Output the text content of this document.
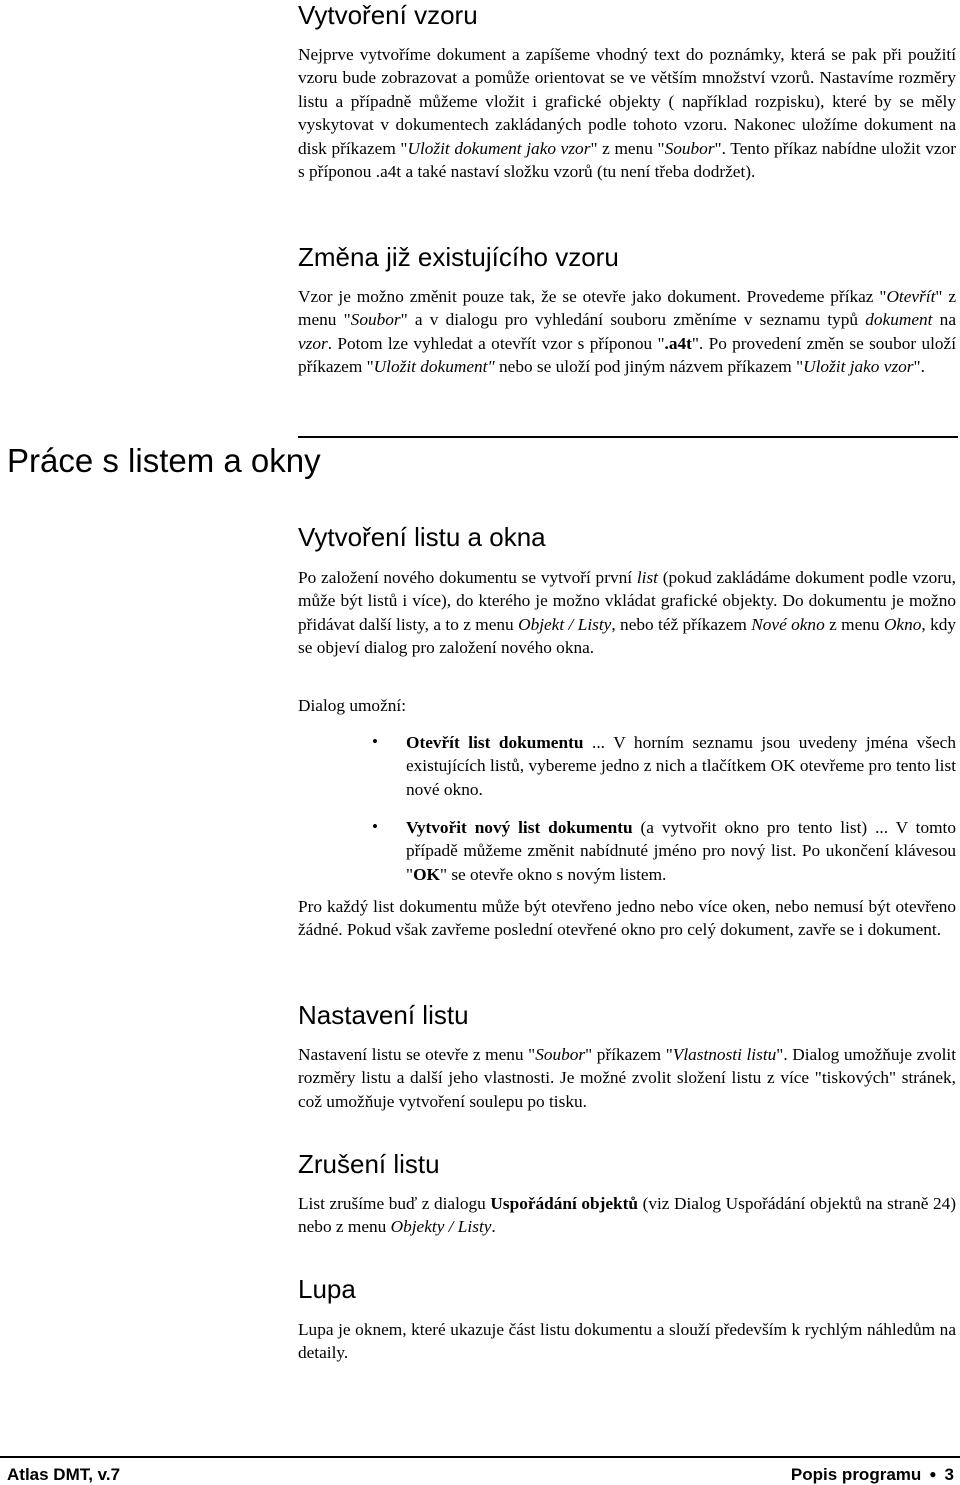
Vytvoření vzoru

Nejprve vytvoříme dokument a zapíšeme vhodný text do poznámky, která se pak při použití vzoru bude zobrazovat a pomůže orientovat se ve větším množství vzorů. Nastavíme rozměry listu a případně můžeme vložit i grafické objekty ( například rozpisku), které by se měly vyskytovat v dokumentech zakládaných podle tohoto vzoru. Nakonec uložíme dokument na disk příkazem "Uložit dokument jako vzor" z menu "Soubor". Tento příkaz nabídne uložit vzor s příponou .a4t a také nastaví složku vzorů (tu není třeba dodržet).

Změna již existujícího vzoru

Vzor je možno změnit pouze tak, že se otevře jako dokument. Provedeme příkaz "Otevřít" z menu "Soubor" a v dialogu pro vyhledání souboru změníme v seznamu typů dokument na vzor. Potom lze vyhledat a otevřít vzor s příponou ".a4t". Po provedení změn se soubor uloží příkazem "Uložit dokument" nebo se uloží pod jiným názvem příkazem "Uložit jako vzor".

Práce s listem a okny
Vytvoření listu a okna

Po založení nového dokumentu se vytvoří první list (pokud zakládáme dokument podle vzoru, může být listů i více), do kterého je možno vkládat grafické objekty. Do dokumentu je možno přidávat další listy, a to z menu Objekt / Listy, nebo též příkazem Nové okno z menu Okno, kdy se objeví dialog pro založení nového okna.

Dialog umožní:

• Otevřít list dokumentu ... V horním seznamu jsou uvedeny jména všech existujících listů, vybereme jedno z nich a tlačítkem OK otevřeme pro tento list nové okno.

• Vytvořit nový list dokumentu (a vytvořit okno pro tento list) ... V tomto případě můžeme změnit nabídnuté jméno pro nový list. Po ukončení klávesou "OK" se otevře okno s novým listem.

Pro každý list dokumentu může být otevřeno jedno nebo více oken, nebo nemusí být otevřeno žádné. Pokud však zavřeme poslední otevřené okno pro celý dokument, zavře se i dokument.

Nastavení listu

Nastavení listu se otevře z menu "Soubor" příkazem "Vlastnosti listu". Dialog umožňuje zvolit rozměry listu a další jeho vlastnosti. Je možné zvolit složení listu z více "tiskových" stránek, což umožňuje vytvoření soulepu po tisku.

Zrušení listu

List zrušíme buď z dialogu Uspořádání objektů (viz Dialog Uspořádání objektů na straně 24) nebo z menu Objekty / Listy.

Lupa

Lupa je oknem, které ukazuje část listu dokumentu a slouží především k rychlým náhledům na detaily.

Atlas DMT, v.7	Popis programu ● 3
